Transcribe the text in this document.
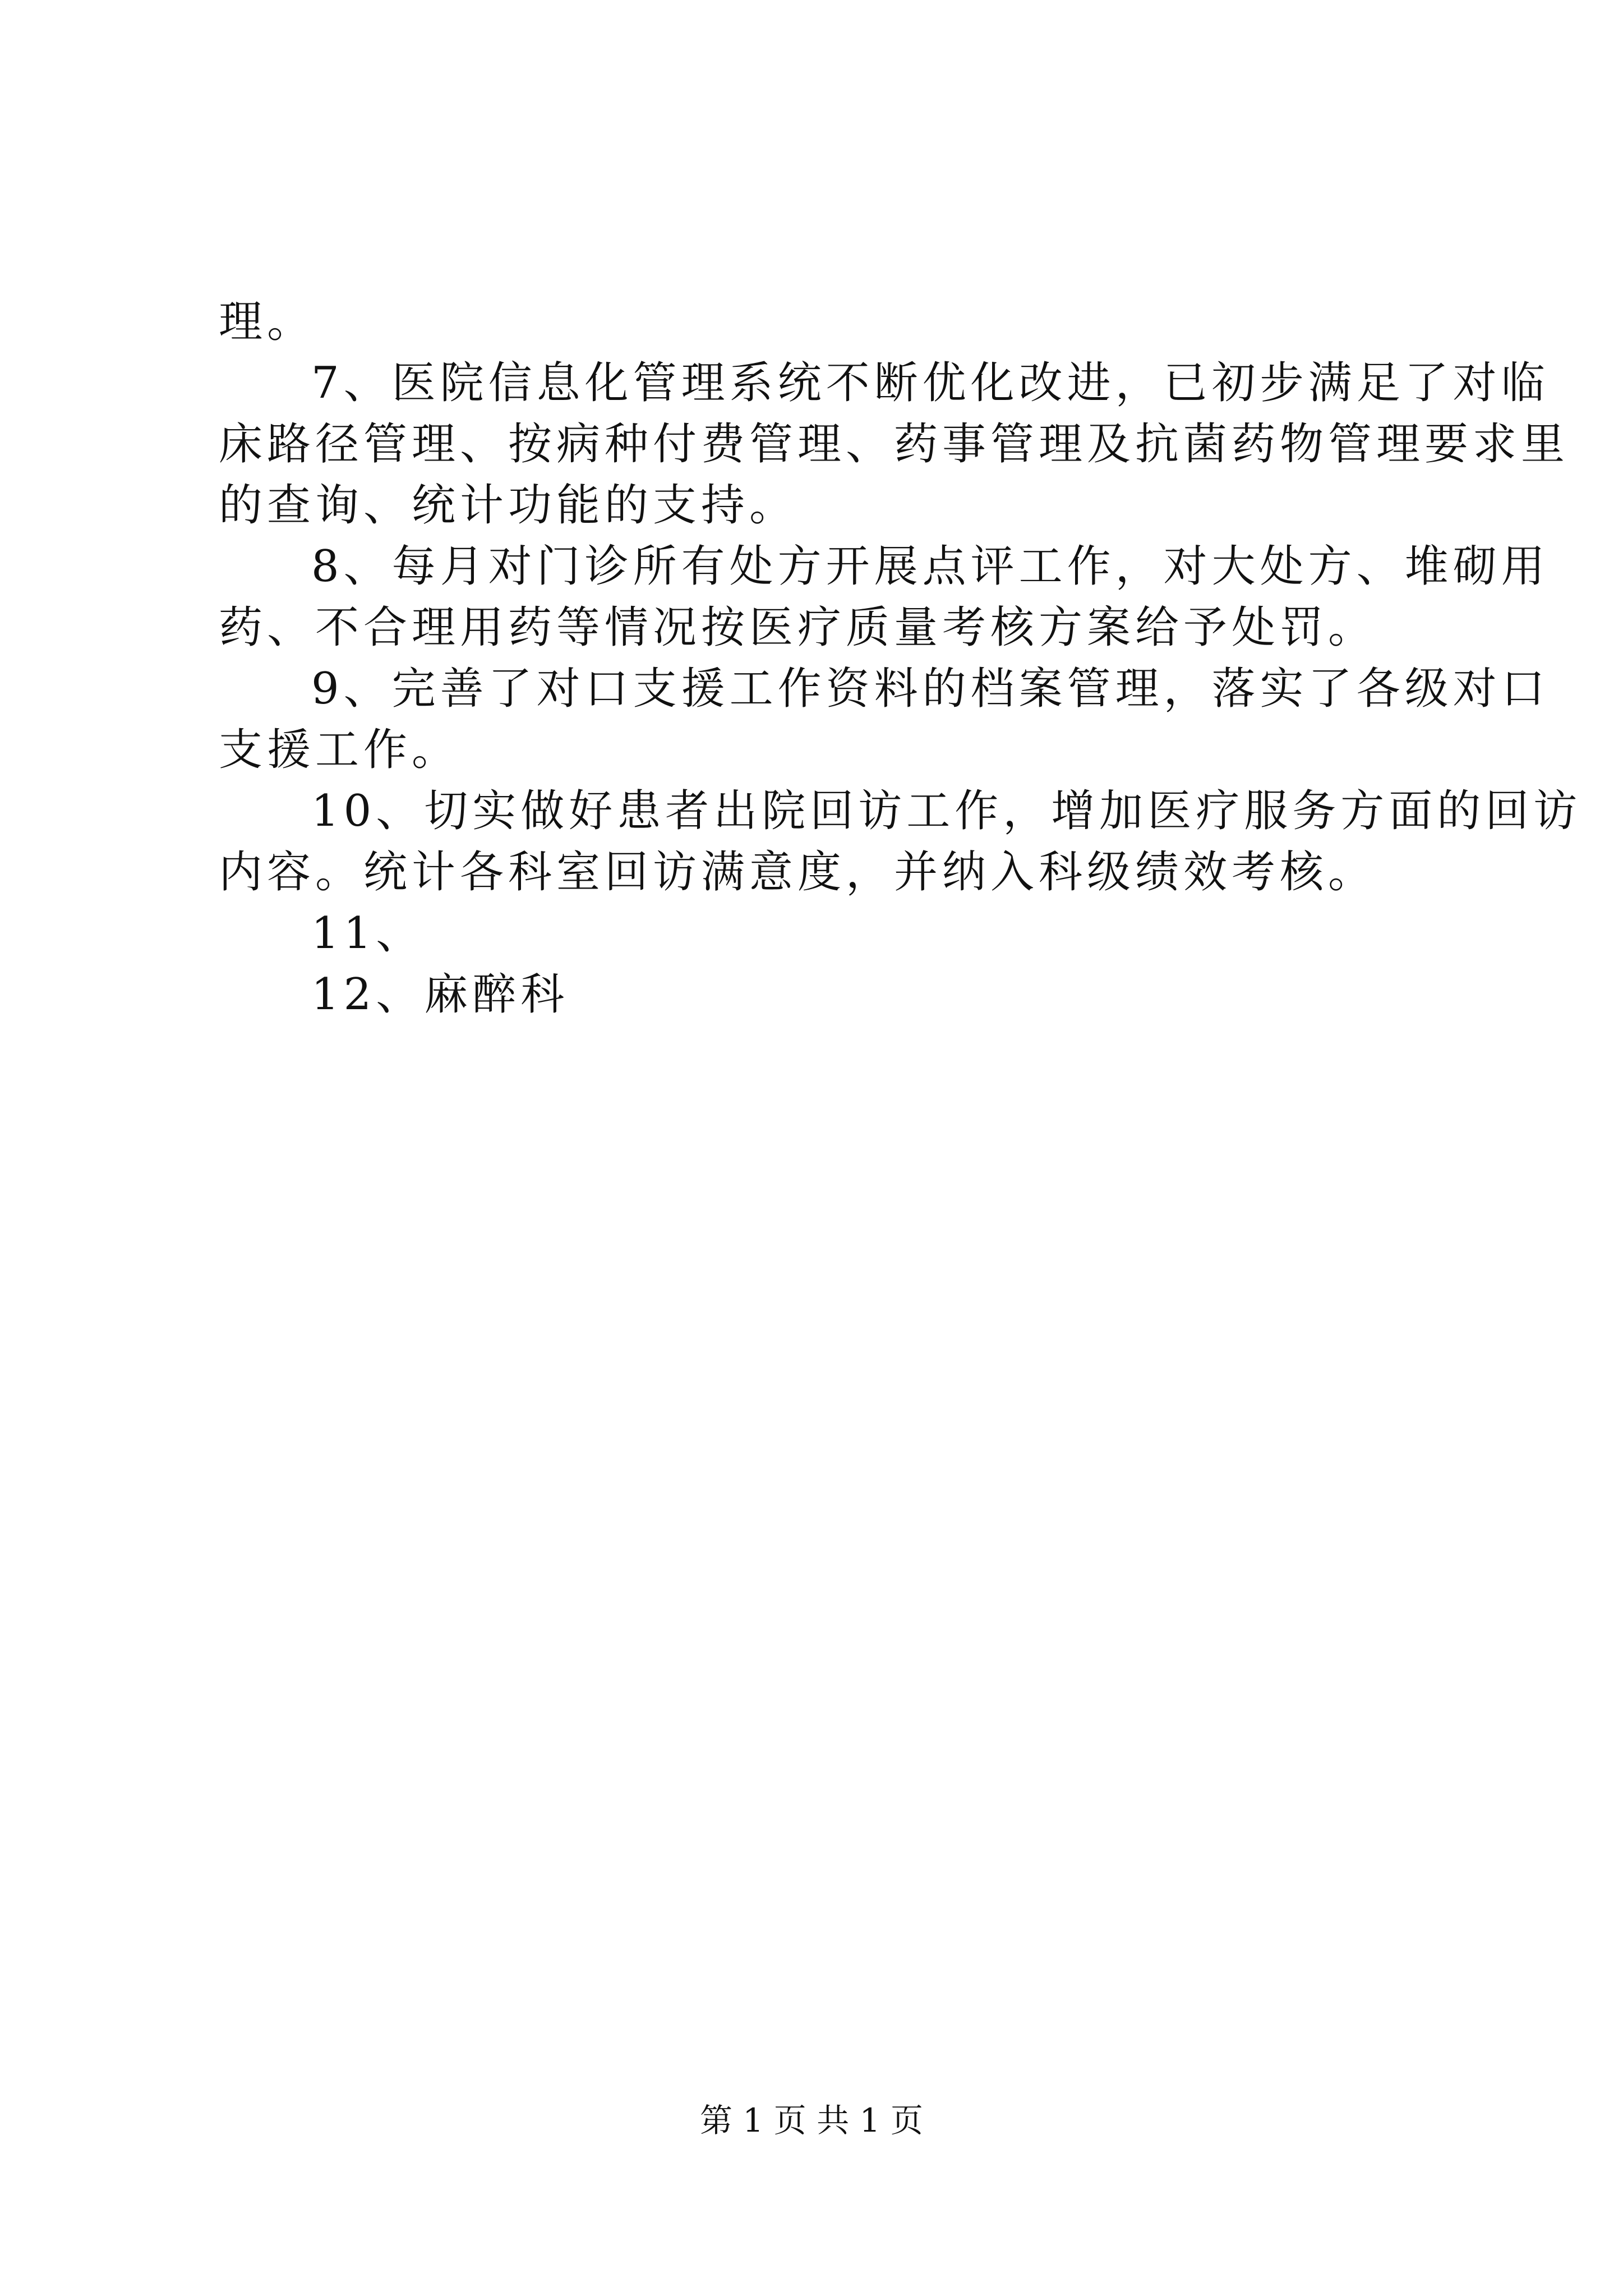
理。

7、医院信息化管理系统不断优化改进，已初步满足了对临

床路径管理、按病种付费管理、药事管理及抗菌药物管理要求里

的查询、统计功能的支持。

8、每月对门诊所有处方开展点评工作，对大处方、堆砌用

药、不合理用药等情况按医疗质量考核方案给予处罚。

9、完善了对口支援工作资料的档案管理，落实了各级对口

支援工作。

10、切实做好患者出院回访工作，增加医疗服务方面的回访

内容。统计各科室回访满意度，并纳入科级绩效考核。

11、

12、麻醉科

第 1 页 共 1 页
